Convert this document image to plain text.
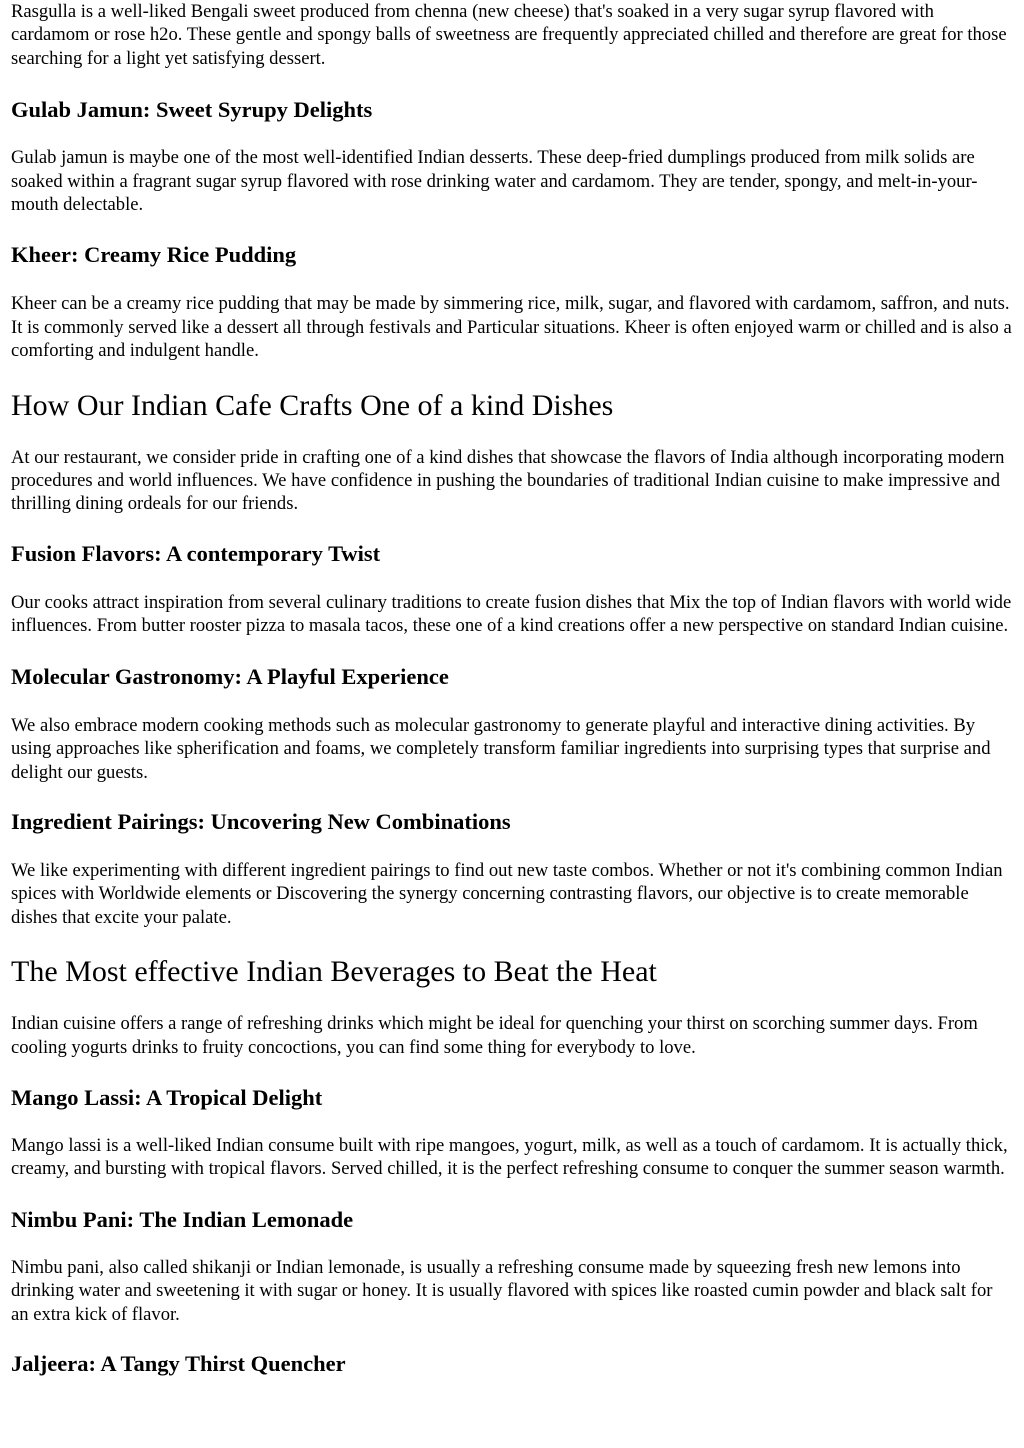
Rasgulla is a well-liked Bengali sweet produced from chenna (new cheese) that's soaked in a very sugar syrup flavored with cardamom or rose h2o. These gentle and spongy balls of sweetness are frequently appreciated chilled and therefore are great for those searching for a light yet satisfying dessert.

Gulab Jamun: Sweet Syrupy Delights

Gulab jamun is maybe one of the most well-identified Indian desserts. These deep-fried dumplings produced from milk solids are soaked within a fragrant sugar syrup flavored with rose drinking water and cardamom. They are tender, spongy, and melt-in-your-mouth delectable.

Kheer: Creamy Rice Pudding

Kheer can be a creamy rice pudding that may be made by simmering rice, milk, sugar, and flavored with cardamom, saffron, and nuts. It is commonly served like a dessert all through festivals and Particular situations. Kheer is often enjoyed warm or chilled and is also a comforting and indulgent handle.

How Our Indian Cafe Crafts One of a kind Dishes

At our restaurant, we consider pride in crafting one of a kind dishes that showcase the flavors of India although incorporating modern procedures and world influences. We have confidence in pushing the boundaries of traditional Indian cuisine to make impressive and thrilling dining ordeals for our friends.

Fusion Flavors: A contemporary Twist

Our cooks attract inspiration from several culinary traditions to create fusion dishes that Mix the top of Indian flavors with world wide influences. From butter rooster pizza to masala tacos, these one of a kind creations offer a new perspective on standard Indian cuisine.

Molecular Gastronomy: A Playful Experience

We also embrace modern cooking methods such as molecular gastronomy to generate playful and interactive dining activities. By using approaches like spherification and foams, we completely transform familiar ingredients into surprising types that surprise and delight our guests.

Ingredient Pairings: Uncovering New Combinations

We like experimenting with different ingredient pairings to find out new taste combos. Whether or not it's combining common Indian spices with Worldwide elements or Discovering the synergy concerning contrasting flavors, our objective is to create memorable dishes that excite your palate.

The Most effective Indian Beverages to Beat the Heat

Indian cuisine offers a range of refreshing drinks which might be ideal for quenching your thirst on scorching summer days. From cooling yogurts drinks to fruity concoctions, you can find some thing for everybody to love.

Mango Lassi: A Tropical Delight

Mango lassi is a well-liked Indian consume built with ripe mangoes, yogurt, milk, as well as a touch of cardamom. It is actually thick, creamy, and bursting with tropical flavors. Served chilled, it is the perfect refreshing consume to conquer the summer season warmth.

Nimbu Pani: The Indian Lemonade

Nimbu pani, also called shikanji or Indian lemonade, is usually a refreshing consume made by squeezing fresh new lemons into drinking water and sweetening it with sugar or honey. It is usually flavored with spices like roasted cumin powder and black salt for an extra kick of flavor.

Jaljeera: A Tangy Thirst Quencher
